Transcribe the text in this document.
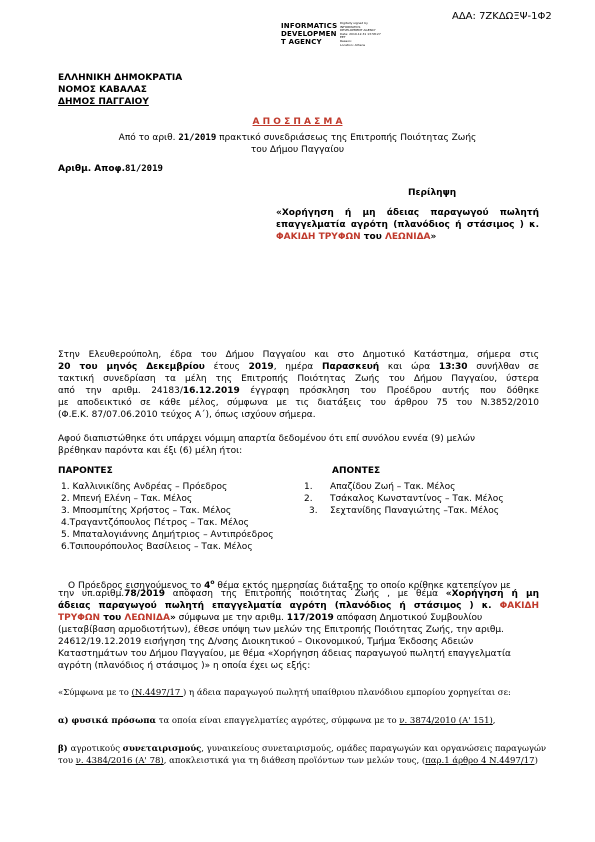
ΑΔΑ: 7ΖΚΔΩΞΨ-1Φ2
INFORMATICS
DEVELOPMEN
T AGENCY
Digitally signed by
INFORMATICS
DEVELOPMENT AGENCY
Date: 2019.12.31 13:58:27
EET
Reason:
Location: Athens
ΕΛΛΗΝΙΚΗ ΔΗΜΟΚΡΑΤΙΑ
ΝΟΜΟΣ ΚΑΒΑΛΑΣ
ΔΗΜΟΣ ΠΑΓΓΑΙΟΥ
Α Π Ο Σ Π Α Σ Μ Α
Από το αριθ. 21/2019 πρακτικό συνεδριάσεως της Επιτροπής Ποιότητας Ζωής
του Δήμου Παγγαίου
Αριθμ. Αποφ.81/2019
Περίληψη
«Χορήγηση ή μη άδειας παραγωγού πωλητή
επαγγελματία αγρότη (πλανόδιος ή στάσιμος ) κ.
ΦΑΚΙΔΗ ΤΡΥΦΩΝ του ΛΕΩΝΙΔΑ»
Στην Ελευθερούπολη, έδρα του Δήμου Παγγαίου και στο Δημοτικό Κατάστημα, σήμερα στις
20 του μηνός Δεκεμβρίου έτους 2019, ημέρα Παρασκευή και ώρα 13:30 συνήλθαν σε
τακτική συνεδρίαση τα μέλη της Επιτροπής Ποιότητας Ζωής του Δήμου Παγγαίου, ύστερα
από την αριθμ. 24183/16.12.2019 έγγραφη πρόσκληση του Προέδρου αυτής που δόθηκε
με αποδεικτικό σε κάθε μέλος, σύμφωνα με τις διατάξεις του άρθρου 75 του Ν.3852/2010
(Φ.Ε.Κ. 87/07.06.2010 τεύχος Α΄), όπως ισχύουν σήμερα.
Αφού διαπιστώθηκε ότι υπάρχει νόμιμη απαρτία δεδομένου ότι επί συνόλου εννέα (9) μελών
βρέθηκαν παρόντα και έξι (6) μέλη ήτοι:
ΠΑΡΟΝΤΕΣ	ΑΠΟΝΤΕΣ
1. Καλλινικίδης Ανδρέας – Πρόεδρος
2. Μπενή Ελένη – Τακ. Μέλος
3. Μποσμπίτης Χρήστος – Τακ. Μέλος
4.Τραγαντζόπουλος Πέτρος – Τακ. Μέλος
5. Μπαταλογιάννης Δημήτριος – Αντιπρόεδρος
6.Τσιπουρόπουλος Βασίλειος – Τακ. Μέλος
1. Απαζίδου Ζωή – Τακ. Μέλος
2. Τσάκαλος Κωνσταντίνος – Τακ. Μέλος
3. Σεχτανίδης Παναγιώτης –Τακ. Μέλος
Ο Πρόεδρος εισηγούμενος το $4^o$ θέμα εκτός ημερησίας διάταξης το οποίο κρίθηκε κατεπείγον με
την υπ.αριθμ.78/2019 απόφαση της Επιτροπής ποιότητας Ζωής , με θέμα «Χορήγηση ή μη
άδειας παραγωγού πωλητή επαγγελματία αγρότη (πλανόδιος ή στάσιμος ) κ. ΦΑΚΙΔΗ
ΤΡΥΦΩΝ του ΛΕΩΝΙΔΑ» σύμφωνα με την αριθμ. 117/2019 απόφαση Δημοτικού Συμβουλίου
(μεταβίβαση αρμοδιοτήτων), έθεσε υπόψη των μελών της Επιτροπής Ποιότητας Ζωής, την αριθμ.
24612/19.12.2019 εισήγηση της Δ/νσης Διοικητικού – Οικονομικού, Τμήμα Έκδοσης Αδειών
Καταστημάτων του Δήμου Παγγαίου, με θέμα «Χορήγηση άδειας παραγωγού πωλητή επαγγελματία
αγρότη (πλανόδιος ή στάσιμος )» η οποία έχει ως εξής:
«Σύμφωνα με το (Ν.4497/17 ) η άδεια παραγωγού πωλητή υπαίθριου πλανόδιου εμπορίου χορηγείται σε:
α) φυσικά πρόσωπα τα οποία είναι επαγγελματίες αγρότες, σύμφωνα με το ν. 3874/2010 (Α' 151),
β) αγροτικούς συνεταιρισμούς, γυναικείους συνεταιρισμούς, ομάδες παραγωγών και οργανώσεις παραγωγών
του ν. 4384/2016 (Α' 78), αποκλειστικά για τη διάθεση προϊόντων των μελών τους, (παρ.1 άρθρο 4 Ν.4497/17)
